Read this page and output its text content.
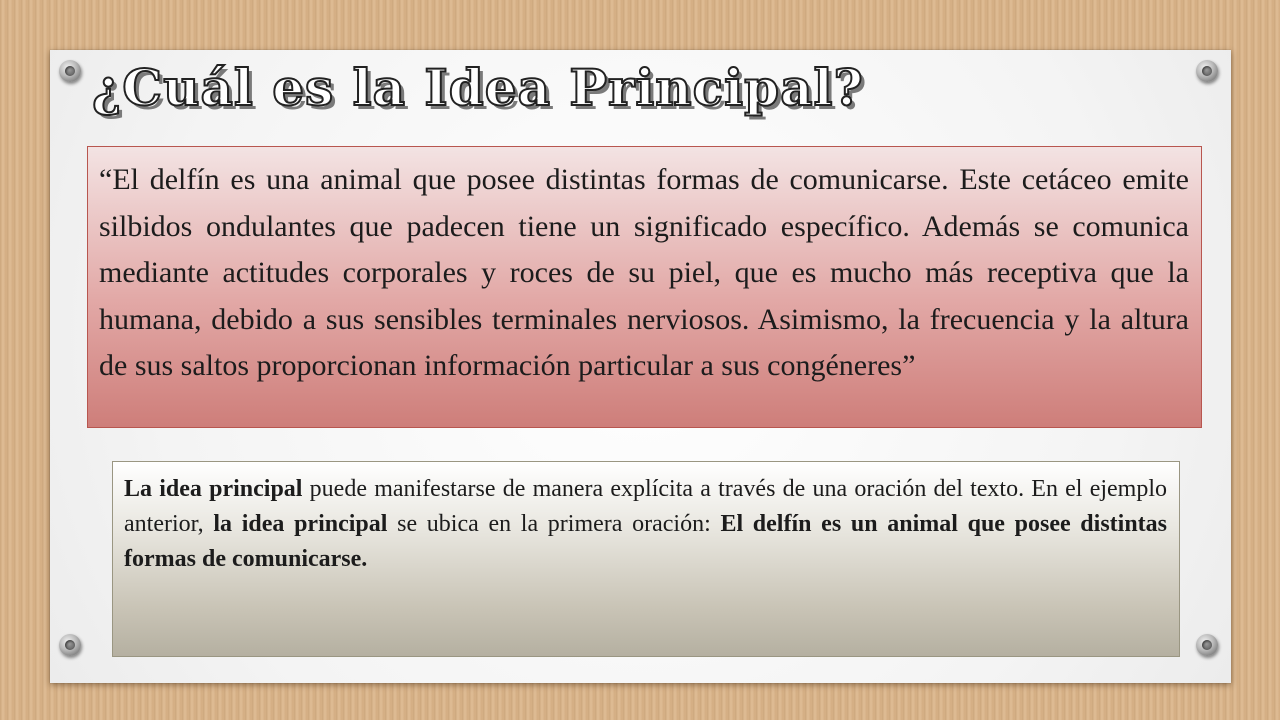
¿Cuál es la Idea Principal?

“El delfín es una animal que posee distintas formas de comunicarse. Este cetáceo emite silbidos ondulantes que padecen tiene un significado específico. Además se comunica mediante actitudes corporales y roces de su piel, que es mucho más receptiva que la humana, debido a sus sensibles terminales nerviosos. Asimismo, la frecuencia y la altura de sus saltos proporcionan información particular a sus congéneres”

La idea principal puede manifestarse de manera explícita a través de una oración del texto. En el ejemplo anterior, la idea principal se ubica en la primera oración: El delfín es un animal que posee distintas formas de comunicarse.
